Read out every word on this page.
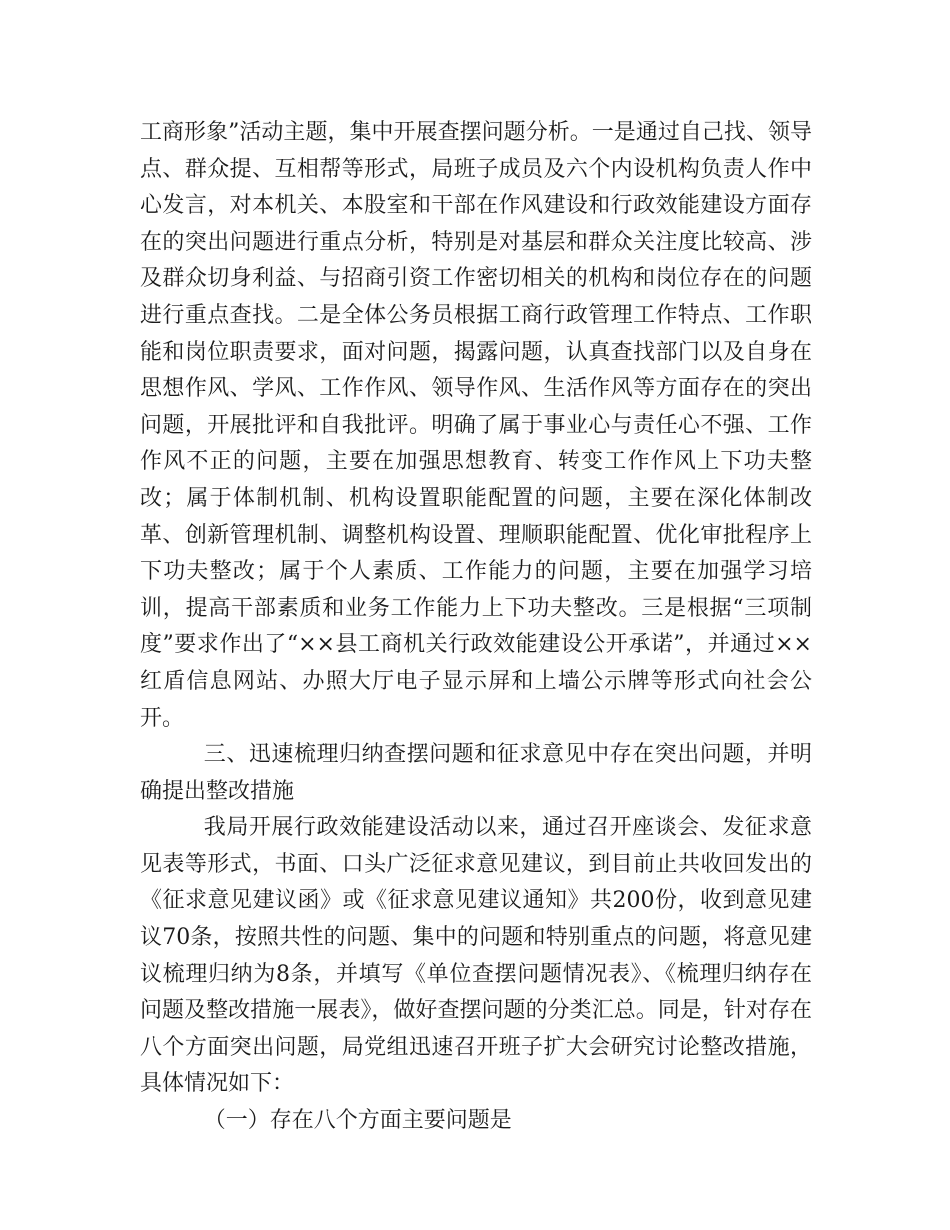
工商形象”活动主题，集中开展查摆问题分析。一是通过自己找、领导点、群众提、互相帮等形式，局班子成员及六个内设机构负责人作中心发言，对本机关、本股室和干部在作风建设和行政效能建设方面存在的突出问题进行重点分析，特别是对基层和群众关注度比较高、涉及群众切身利益、与招商引资工作密切相关的机构和岗位存在的问题进行重点查找。二是全体公务员根据工商行政管理工作特点、工作职能和岗位职责要求，面对问题，揭露问题，认真查找部门以及自身在思想作风、学风、工作作风、领导作风、生活作风等方面存在的突出问题，开展批评和自我批评。明确了属于事业心与责任心不强、工作作风不正的问题，主要在加强思想教育、转变工作作风上下功夫整改；属于体制机制、机构设置职能配置的问题，主要在深化体制改革、创新管理机制、调整机构设置、理顺职能配置、优化审批程序上下功夫整改；属于个人素质、工作能力的问题，主要在加强学习培训，提高干部素质和业务工作能力上下功夫整改。三是根据“三项制度”要求作出了“××县工商机关行政效能建设公开承诺”，并通过××红盾信息网站、办照大厅电子显示屏和上墙公示牌等形式向社会公开。

三、迅速梳理归纳查摆问题和征求意见中存在突出问题，并明确提出整改措施

我局开展行政效能建设活动以来，通过召开座谈会、发征求意见表等形式，书面、口头广泛征求意见建议，到目前止共收回发出的《征求意见建议函》或《征求意见建议通知》共200份，收到意见建议70条，按照共性的问题、集中的问题和特别重点的问题，将意见建议梳理归纳为8条，并填写《单位查摆问题情况表》、《梳理归纳存在问题及整改措施一展表》，做好查摆问题的分类汇总。同是，针对存在八个方面突出问题，局党组迅速召开班子扩大会研究讨论整改措施，具体情况如下：

（一）存在八个方面主要问题是
